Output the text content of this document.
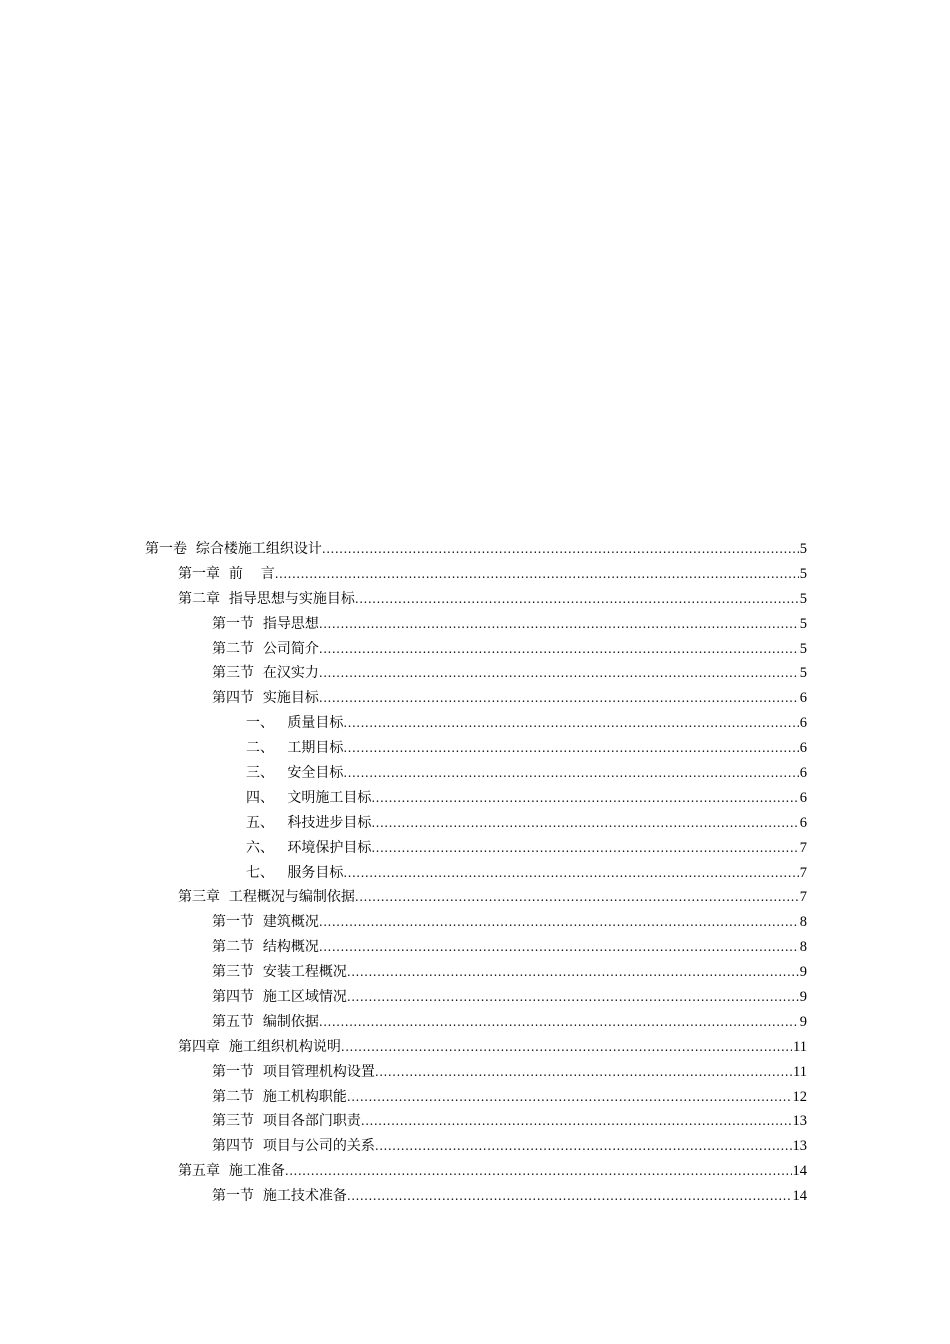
第一卷  综合楼施工组织设计 .....	5
第一章  前    言 .....	5
第二章  指导思想与实施目标 .....	5
第一节  指导思想 .....	5
第二节  公司简介 .....	5
第三节  在汉实力 .....	5
第四节  实施目标 .....	6
一、   质量目标 .....	6
二、   工期目标 .....	6
三、   安全目标 .....	6
四、   文明施工目标 .....	6
五、   科技进步目标 .....	6
六、   环境保护目标 .....	7
七、   服务目标 .....	7
第三章  工程概况与编制依据 .....	7
第一节  建筑概况 .....	8
第二节  结构概况 .....	8
第三节  安装工程概况 .....	9
第四节  施工区域情况 .....	9
第五节  编制依据 .....	9
第四章  施工组织机构说明 .....	11
第一节  项目管理机构设置 .....	11
第二节  施工机构职能 .....	12
第三节  项目各部门职责 .....	13
第四节  项目与公司的关系 .....	13
第五章  施工准备 .....	14
第一节  施工技术准备 .....	14
